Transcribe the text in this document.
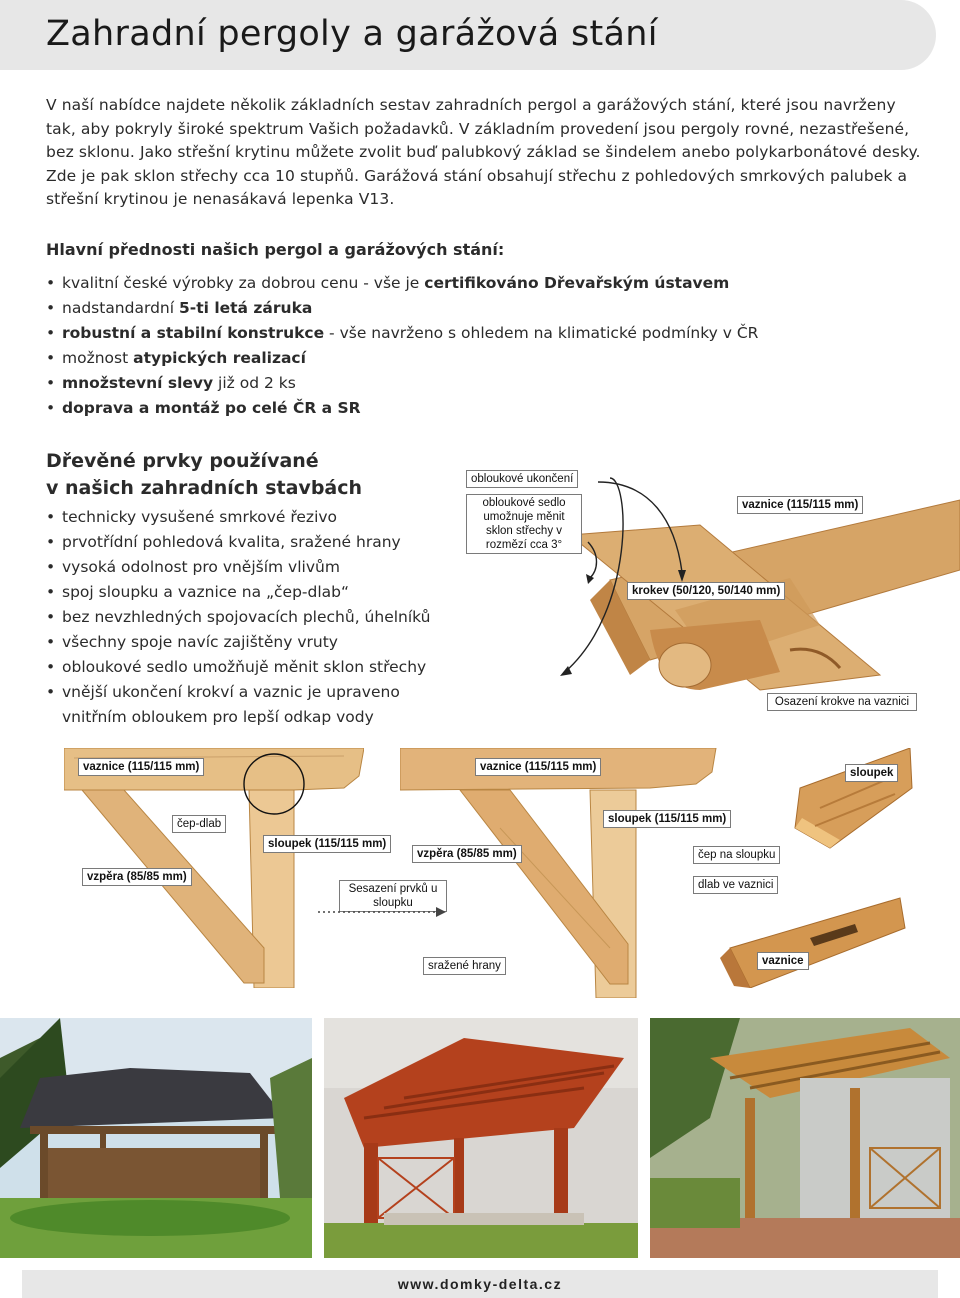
Zahradní pergoly a garážová stání
V naší nabídce najdete několik základních sestav zahradních pergol a garážových stání, které jsou navrženy tak, aby pokryly široké spektrum Vašich požadavků. V základním provedení jsou pergoly rovné, nezastřešené, bez sklonu. Jako střešní krytinu můžete zvolit buď palubkový základ se šindelem anebo polykarbonátové desky. Zde je pak sklon střechy cca 10 stupňů. Garážová stání obsahují střechu z pohledových smrkových palubek a střešní krytinou je nenasákavá lepenka V13.
Hlavní přednosti našich pergol a garážových stání:
• kvalitní české výrobky za dobrou cenu - vše je certifikováno Dřevařským ústavem
• nadstandardní 5-ti letá záruka
• robustní a stabilní konstrukce - vše navrženo s ohledem na klimatické podmínky v ČR
• možnost atypických realizací
• množstevní slevy již od 2 ks
• doprava a montáž po celé ČR a SR
Dřevěné prvky používané
v našich zahradních stavbách
• technicky vysušené smrkové řezivo
• prvotřídní pohledová kvalita, sražené hrany
• vysoká odolnost pro vnějším vlivům
• spoj sloupku a vaznice na „čep-dlab“
• bez nevzhledných spojovacích plechů, úhelníků
• všechny spoje navíc zajištěny vruty
• obloukové sedlo umožňujě měnit sklon střechy
• vnější ukončení krokví a vaznic je upraveno vnitřním obloukem pro lepší odkap vody
obloukové ukončení
obloukové sedlo umožnuje měnit sklon střechy v rozmězí cca 3°
vaznice (115/115 mm)
krokev (50/120, 50/140 mm)
Osazení krokve na vaznici
vaznice (115/115 mm)	vaznice (115/115 mm)	sloupek
čep-dlab	sloupek (115/115 mm)
sloupek (115/115 mm)
vzpěra (85/85 mm)	čep na sloupku
vzpěra (85/85 mm)
dlab ve vaznici
Sesazení prvků u sloupku
sražené hrany	vaznice
www.domky-delta.cz
